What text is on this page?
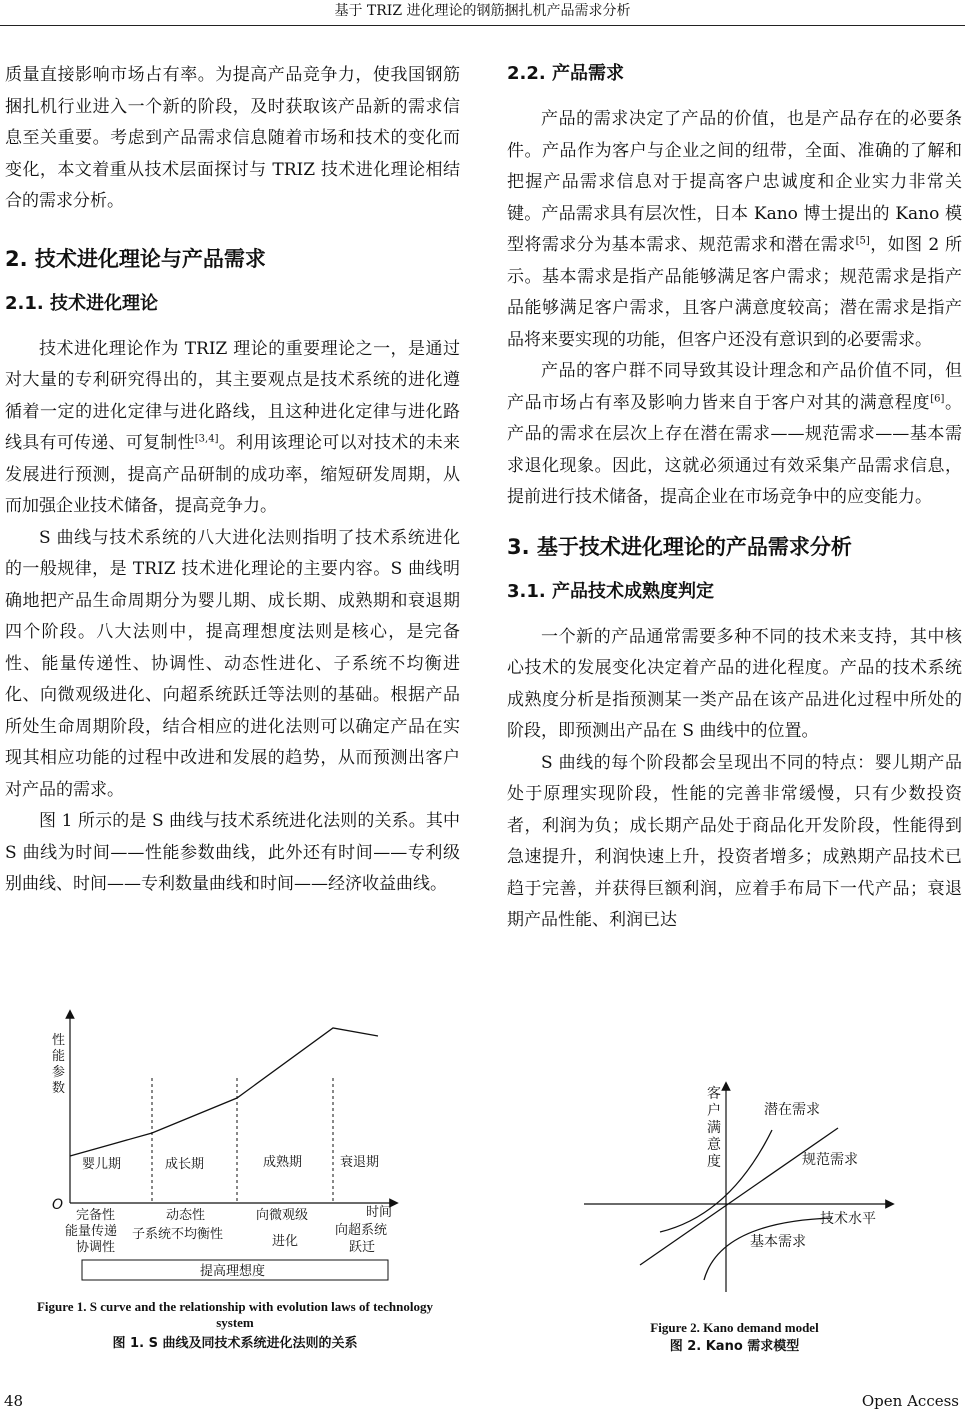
基于 TRIZ 进化理论的钢筋捆扎机产品需求分析

质量直接影响市场占有率。为提高产品竞争力，使我国钢筋捆扎机行业进入一个新的阶段，及时获取该产品新的需求信息至关重要。考虑到产品需求信息随着市场和技术的变化而变化，本文着重从技术层面探讨与 TRIZ 技术进化理论相结合的需求分析。

2. 技术进化理论与产品需求
2.1. 技术进化理论

技术进化理论作为 TRIZ 理论的重要理论之一，是通过对大量的专利研究得出的，其主要观点是技术系统的进化遵循着一定的进化定律与进化路线，且这种进化定律与进化路线具有可传递、可复制性[3,4]。利用该理论可以对技术的未来发展进行预测，提高产品研制的成功率，缩短研发周期，从而加强企业技术储备，提高竞争力。

S 曲线与技术系统的八大进化法则指明了技术系统进化的一般规律，是 TRIZ 技术进化理论的主要内容。S 曲线明确地把产品生命周期分为婴儿期、成长期、成熟期和衰退期四个阶段。八大法则中，提高理想度法则是核心，是完备性、能量传递性、协调性、动态性进化、子系统不均衡进化、向微观级进化、向超系统跃迁等法则的基础。根据产品所处生命周期阶段，结合相应的进化法则可以确定产品在实现其相应功能的过程中改进和发展的趋势，从而预测出客户对产品的需求。

图 1 所示的是 S 曲线与技术系统进化法则的关系。其中 S 曲线为时间——性能参数曲线，此外还有时间——专利级别曲线、时间——专利数量曲线和时间——经济收益曲线。

性
能
参
数
O
婴儿期	成长期	成熟期	衰退期
时间
完备性
能量传递
协调性
动态性
子系统不均衡性
向微观级
进化
向超系统
跃迁
提高理想度
Figure 1. S curve and the relationship with evolution laws of technology system
图 1. S 曲线及同技术系统进化法则的关系
2.2. 产品需求

产品的需求决定了产品的价值，也是产品存在的必要条件。产品作为客户与企业之间的纽带，全面、准确的了解和把握产品需求信息对于提高客户忠诚度和企业实力非常关键。产品需求具有层次性，日本 Kano 博士提出的 Kano 模型将需求分为基本需求、规范需求和潜在需求[5]，如图 2 所示。基本需求是指产品能够满足客户需求；规范需求是指产品能够满足客户需求，且客户满意度较高；潜在需求是指产品将来要实现的功能，但客户还没有意识到的必要需求。

产品的客户群不同导致其设计理念和产品价值不同，但产品市场占有率及影响力皆来自于客户对其的满意程度[6]。产品的需求在层次上存在潜在需求——规范需求——基本需求退化现象。因此，这就必须通过有效采集产品需求信息，提前进行技术储备，提高企业在市场竞争中的应变能力。

3. 基于技术进化理论的产品需求分析
3.1. 产品技术成熟度判定

一个新的产品通常需要多种不同的技术来支持，其中核心技术的发展变化决定着产品的进化程度。产品的技术系统成熟度分析是指预测某一类产品在该产品进化过程中所处的阶段，即预测出产品在 S 曲线中的位置。

S 曲线的每个阶段都会呈现出不同的特点：婴儿期产品处于原理实现阶段，性能的完善非常缓慢，只有少数投资者，利润为负；成长期产品处于商品化开发阶段，性能得到急速提升，利润快速上升，投资者增多；成熟期产品技术已趋于完善，并获得巨额利润，应着手布局下一代产品；衰退期产品性能、利润已达

客
户
满
意
度
潜在需求
规范需求
技术水平
基本需求
Figure 2. Kano demand model
图 2. Kano 需求模型
48	Open Access
